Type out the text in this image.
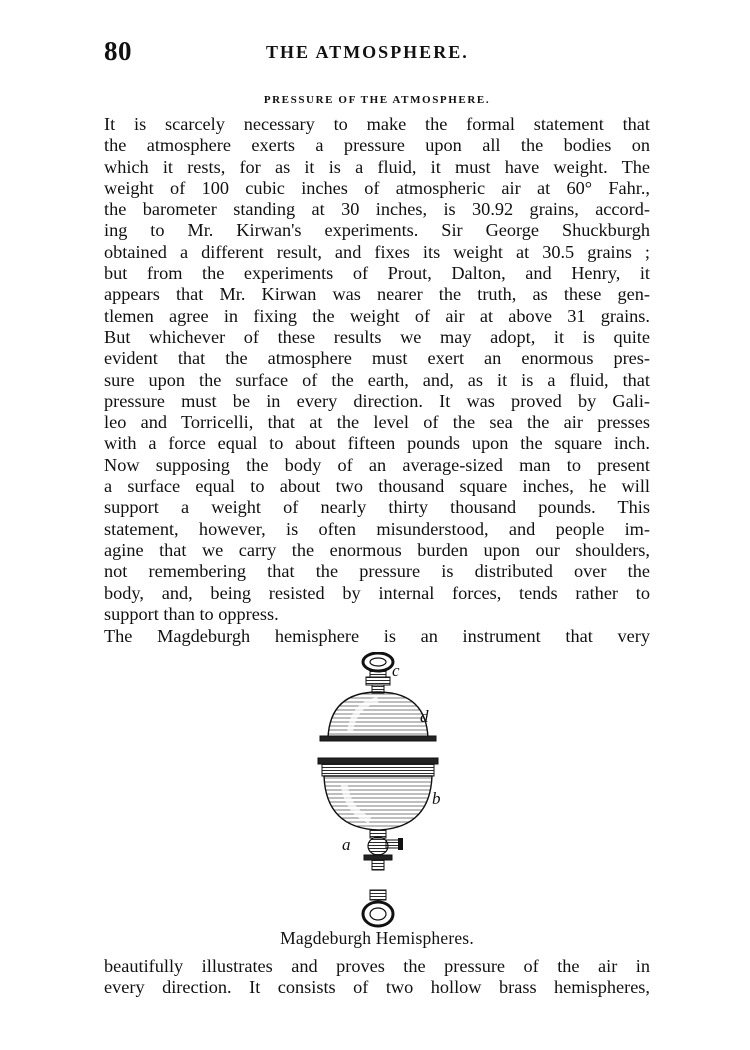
80	THE ATMOSPHERE.
PRESSURE OF THE ATMOSPHERE.
It is scarcely necessary to make the formal statement that
the atmosphere exerts a pressure upon all the bodies on
which it rests, for as it is a fluid, it must have weight. The
weight of 100 cubic inches of atmospheric air at 60° Fahr.,
the barometer standing at 30 inches, is 30.92 grains, accord-
ing to Mr. Kirwan's experiments. Sir George Shuckburgh
obtained a different result, and fixes its weight at 30.5 grains ;
but from the experiments of Prout, Dalton, and Henry, it
appears that Mr. Kirwan was nearer the truth, as these gen-
tlemen agree in fixing the weight of air at above 31 grains.
But whichever of these results we may adopt, it is quite
evident that the atmosphere must exert an enormous pres-
sure upon the surface of the earth, and, as it is a fluid, that
pressure must be in every direction. It was proved by Gali-
leo and Torricelli, that at the level of the sea the air presses
with a force equal to about fifteen pounds upon the square inch.
Now supposing the body of an average-sized man to present
a surface equal to about two thousand square inches, he will
support a weight of nearly thirty thousand pounds. This
statement, however, is often misunderstood, and people im-
agine that we carry the enormous burden upon our shoulders,
not remembering that the pressure is distributed over the
body, and, being resisted by internal forces, tends rather to
support than to oppress.
The Magdeburgh hemisphere is an instrument that very
c
d
b
a
Magdeburgh Hemispheres.
beautifully illustrates and proves the pressure of the air in
every direction. It consists of two hollow brass hemispheres,
